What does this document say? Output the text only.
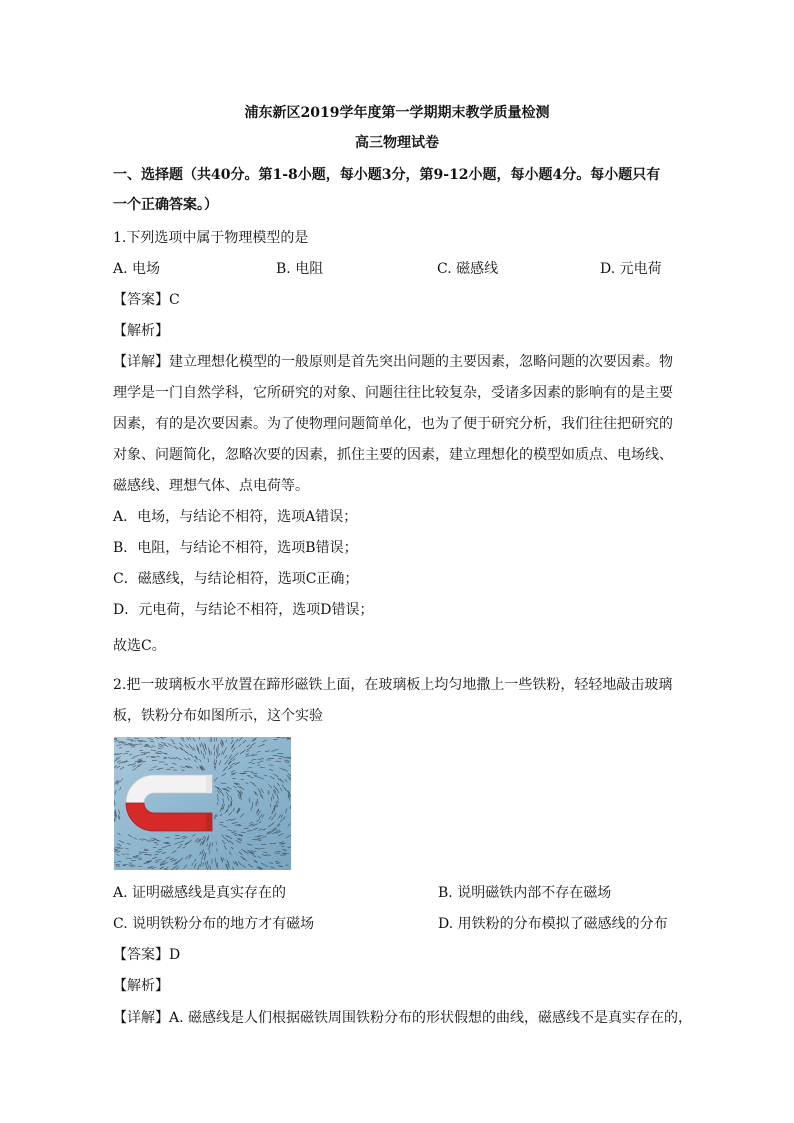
浦东新区2019学年度第一学期期末教学质量检测
高三物理试卷
一、选择题（共40分。第1-8小题，每小题3分，第9-12小题，每小题4分。每小题只有
一个正确答案。）
1.下列选项中属于物理模型的是
A. 电场	B. 电阻	C. 磁感线	D. 元电荷
【答案】C
【解析】
【详解】建立理想化模型的一般原则是首先突出问题的主要因素，忽略问题的次要因素。物
理学是一门自然学科，它所研究的对象、问题往往比较复杂，受诸多因素的影响有的是主要
因素，有的是次要因素。为了使物理问题简单化，也为了便于研究分析，我们往往把研究的
对象、问题简化，忽略次要的因素，抓住主要的因素，建立理想化的模型如质点、电场线、
磁感线、理想气体、点电荷等。
A．电场，与结论不相符，选项A错误；
B．电阻，与结论不相符，选项B错误；
C．磁感线，与结论相符，选项C正确；
D．元电荷，与结论不相符，选项D错误；
故选C。
2.把一玻璃板水平放置在蹄形磁铁上面，在玻璃板上均匀地撒上一些铁粉，轻轻地敲击玻璃
板，铁粉分布如图所示，这个实验
A. 证明磁感线是真实存在的	B. 说明磁铁内部不存在磁场
C. 说明铁粉分布的地方才有磁场	D. 用铁粉的分布模拟了磁感线的分布
【答案】D
【解析】
【详解】A. 磁感线是人们根据磁铁周围铁粉分布的形状假想的曲线，磁感线不是真实存在的，
